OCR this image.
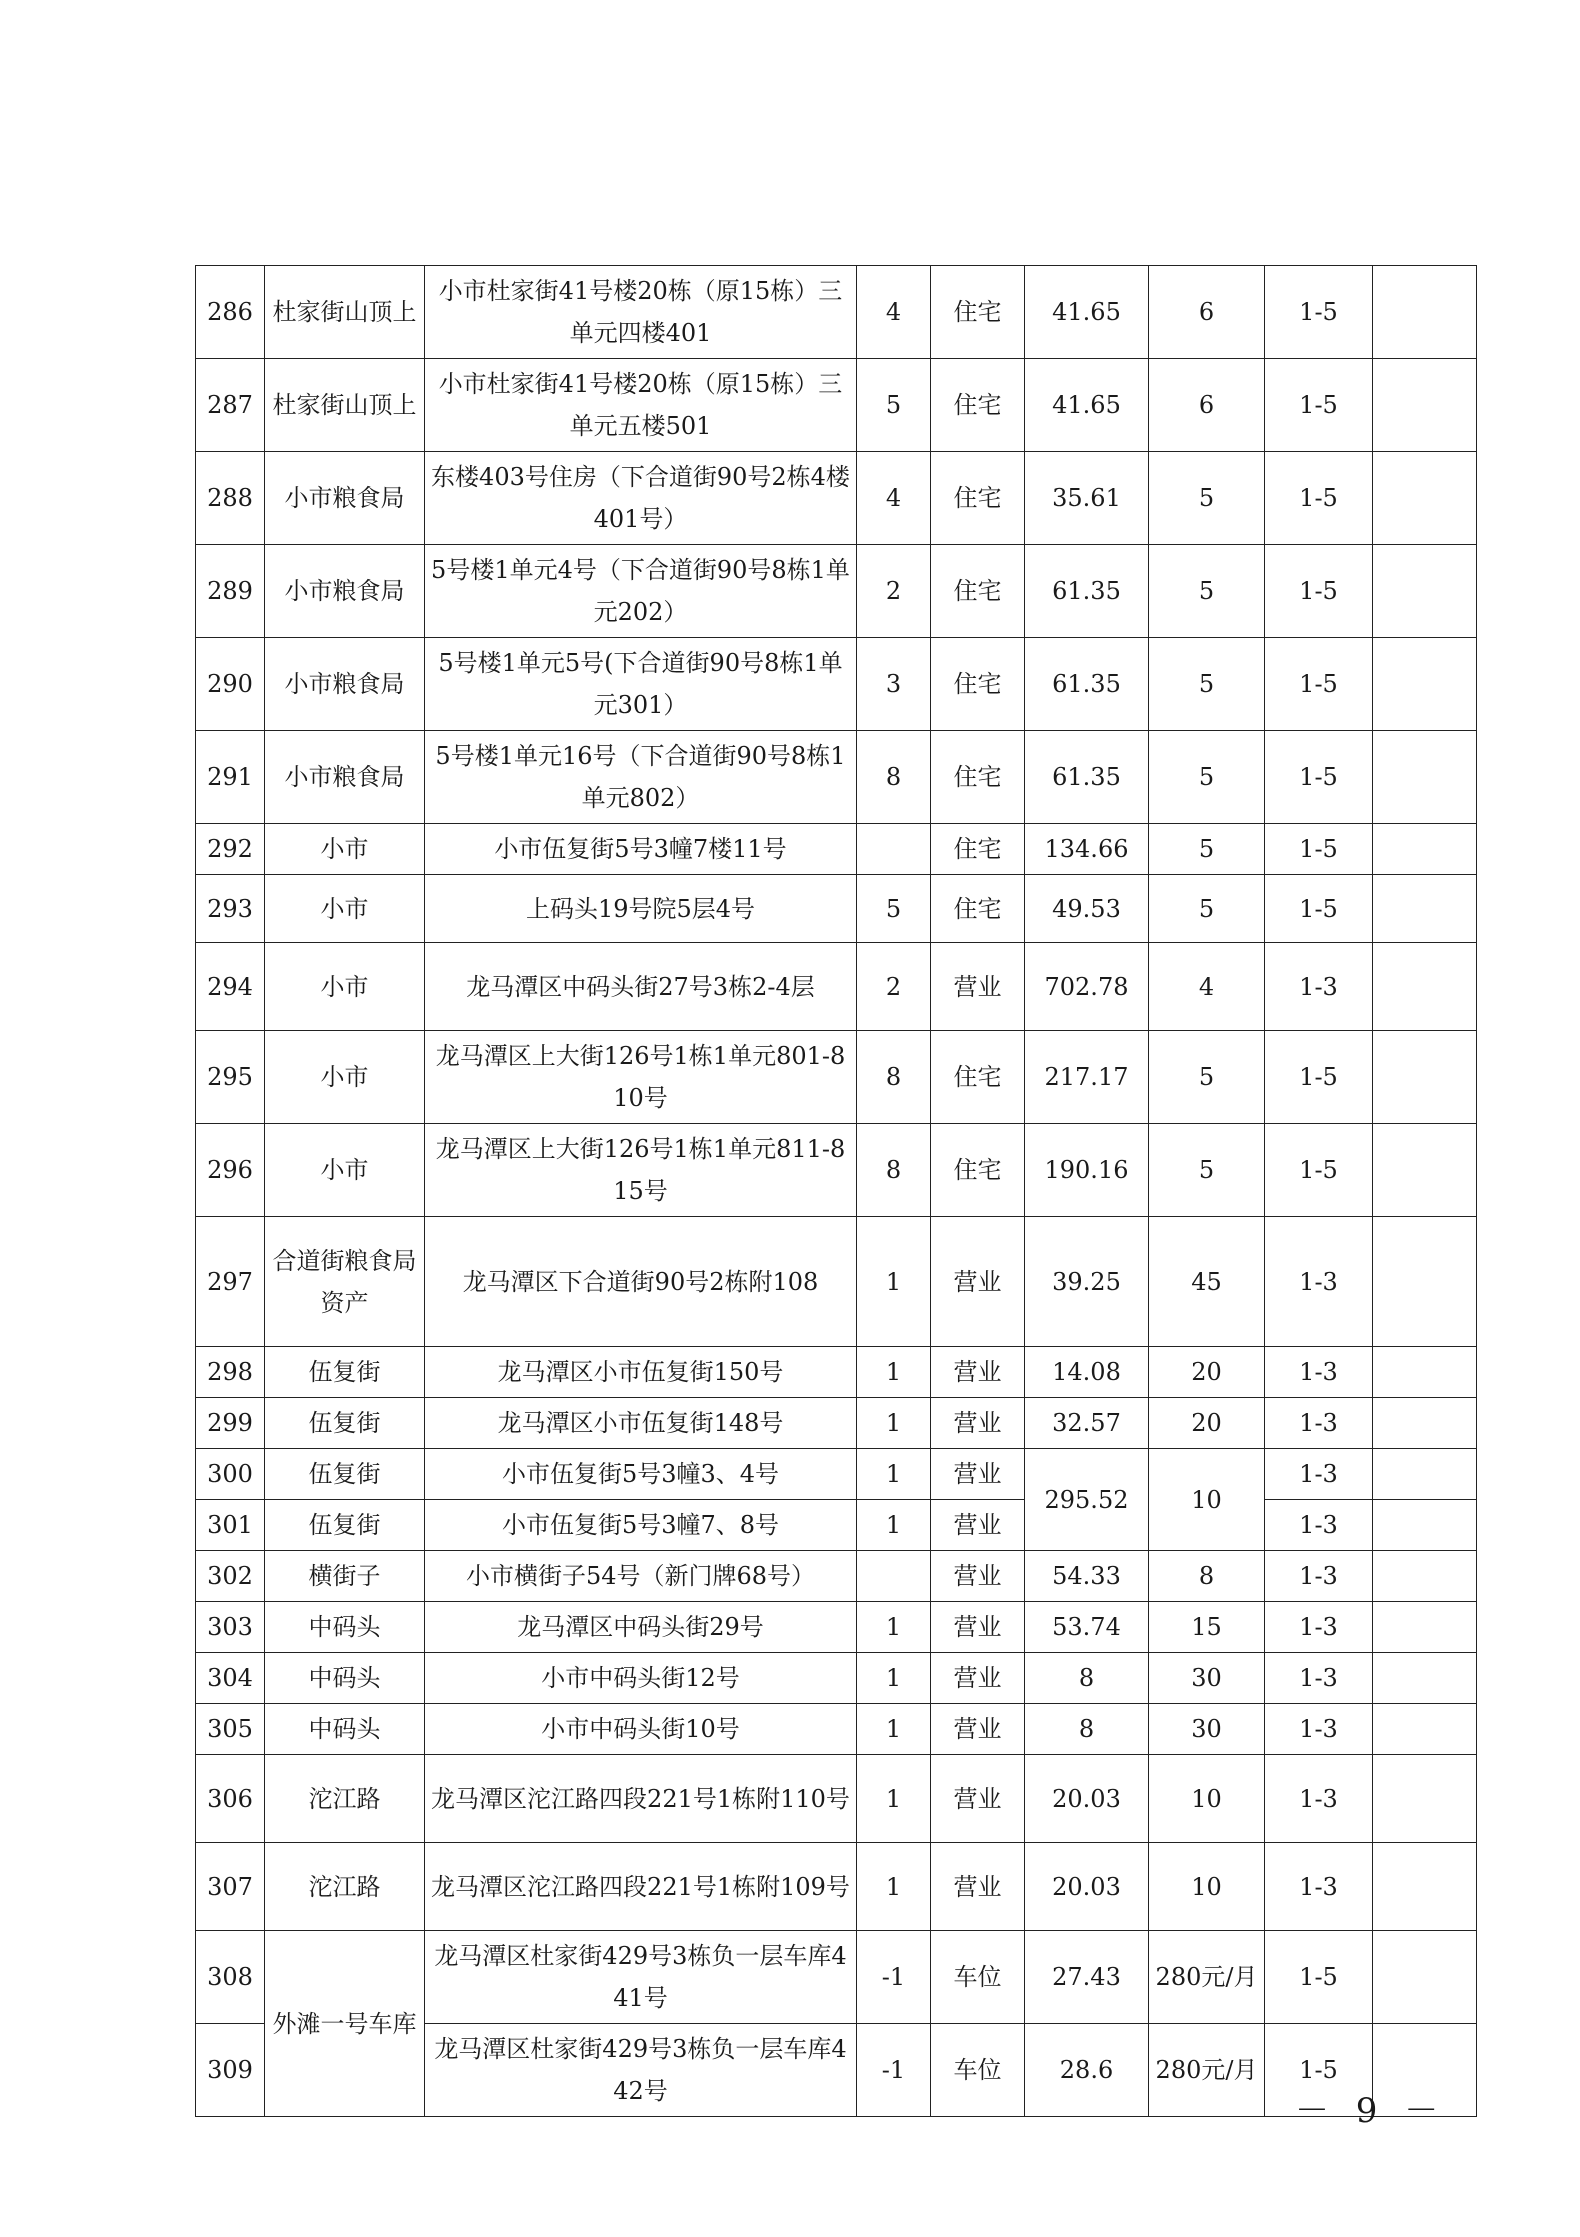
286	杜家街山顶上	小市杜家街41号楼20栋（原15栋）三单元四楼401	4	住宅	41.65	6	1-5	
287	杜家街山顶上	小市杜家街41号楼20栋（原15栋）三单元五楼501	5	住宅	41.65	6	1-5	
288	小市粮食局	东楼403号住房（下合道街90号2栋4楼401号）	4	住宅	35.61	5	1-5	
289	小市粮食局	5号楼1单元4号（下合道街90号8栋1单元202）	2	住宅	61.35	5	1-5	
290	小市粮食局	5号楼1单元5号(下合道街90号8栋1单元301）	3	住宅	61.35	5	1-5	
291	小市粮食局	5号楼1单元16号（下合道街90号8栋1单元802）	8	住宅	61.35	5	1-5	
292	小市	小市伍复街5号3幢7楼11号		住宅	134.66	5	1-5	
293	小市	上码头19号院5层4号	5	住宅	49.53	5	1-5	
294	小市	龙马潭区中码头街27号3栋2-4层	2	营业	702.78	4	1-3	
295	小市	龙马潭区上大街126号1栋1单元801-810号	8	住宅	217.17	5	1-5	
296	小市	龙马潭区上大街126号1栋1单元811-815号	8	住宅	190.16	5	1-5	
297	合道街粮食局资产	龙马潭区下合道街90号2栋附108	1	营业	39.25	45	1-3	
298	伍复街	龙马潭区小市伍复街150号	1	营业	14.08	20	1-3	
299	伍复街	龙马潭区小市伍复街148号	1	营业	32.57	20	1-3	
300	伍复街	小市伍复街5号3幢3、4号	1	营业	295.52	10	1-3	
301	伍复街	小市伍复街5号3幢7、8号	1	营业			1-3	
302	横街子	小市横街子54号（新门牌68号）		营业	54.33	8	1-3	
303	中码头	龙马潭区中码头街29号	1	营业	53.74	15	1-3	
304	中码头	小市中码头街12号	1	营业	8	30	1-3	
305	中码头	小市中码头街10号	1	营业	8	30	1-3	
306	沱江路	龙马潭区沱江路四段221号1栋附110号	1	营业	20.03	10	1-3	
307	沱江路	龙马潭区沱江路四段221号1栋附109号	1	营业	20.03	10	1-3	
308	外滩一号车库	龙马潭区杜家街429号3栋负一层车库441号	-1	车位	27.43	280元/月	1-5	
309		龙马潭区杜家街429号3栋负一层车库442号	-1	车位	28.6	280元/月	1-5	
－ 9 －
